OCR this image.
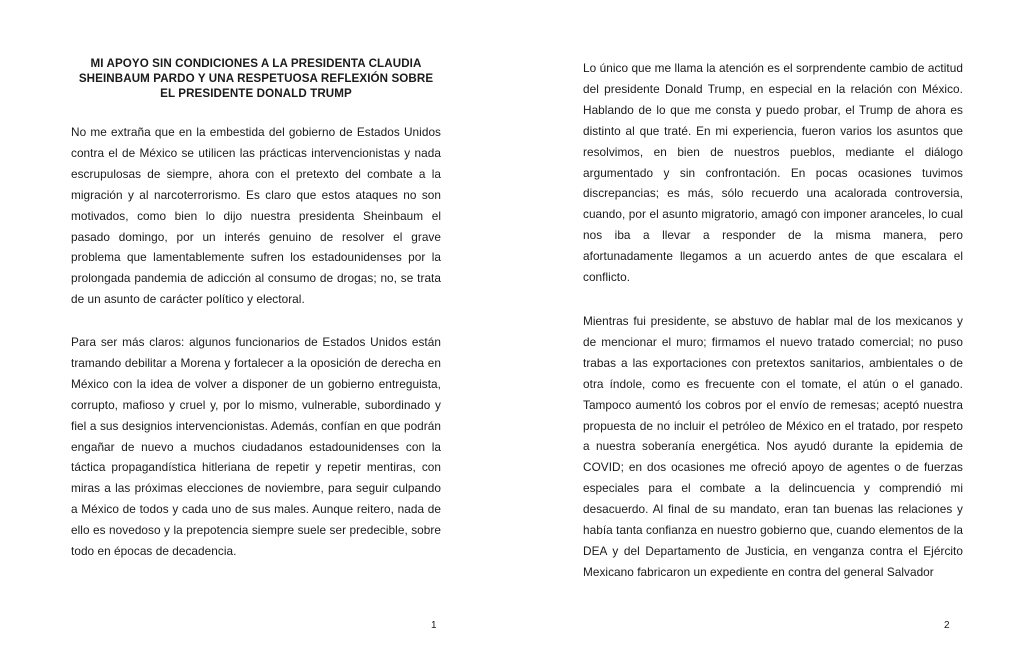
MI APOYO SIN CONDICIONES A LA PRESIDENTA CLAUDIA SHEINBAUM PARDO Y UNA RESPETUOSA REFLEXIÓN SOBRE EL PRESIDENTE DONALD TRUMP

No me extraña que en la embestida del gobierno de Estados Unidos contra el de México se utilicen las prácticas intervencionistas y nada escrupulosas de siempre, ahora con el pretexto del combate a la migración y al narcoterrorismo. Es claro que estos ataques no son motivados, como bien lo dijo nuestra presidenta Sheinbaum el pasado domingo, por un interés genuino de resolver el grave problema que lamentablemente sufren los estadounidenses por la prolongada pandemia de adicción al consumo de drogas; no, se trata de un asunto de carácter político y electoral.

Para ser más claros: algunos funcionarios de Estados Unidos están tramando debilitar a Morena y fortalecer a la oposición de derecha en México con la idea de volver a disponer de un gobierno entreguista, corrupto, mafioso y cruel y, por lo mismo, vulnerable, subordinado y fiel a sus designios intervencionistas. Además, confían en que podrán engañar de nuevo a muchos ciudadanos estadounidenses con la táctica propagandística hitleriana de repetir y repetir mentiras, con miras a las próximas elecciones de noviembre, para seguir culpando a México de todos y cada uno de sus males. Aunque reitero, nada de ello es novedoso y la prepotencia siempre suele ser predecible, sobre todo en épocas de decadencia.

1

Lo único que me llama la atención es el sorprendente cambio de actitud del presidente Donald Trump, en especial en la relación con México. Hablando de lo que me consta y puedo probar, el Trump de ahora es distinto al que traté. En mi experiencia, fueron varios los asuntos que resolvimos, en bien de nuestros pueblos, mediante el diálogo argumentado y sin confrontación. En pocas ocasiones tuvimos discrepancias; es más, sólo recuerdo una acalorada controversia, cuando, por el asunto migratorio, amagó con imponer aranceles, lo cual nos iba a llevar a responder de la misma manera, pero afortunadamente llegamos a un acuerdo antes de que escalara el conflicto.

Mientras fui presidente, se abstuvo de hablar mal de los mexicanos y de mencionar el muro; firmamos el nuevo tratado comercial; no puso trabas a las exportaciones con pretextos sanitarios, ambientales o de otra índole, como es frecuente con el tomate, el atún o el ganado. Tampoco aumentó los cobros por el envío de remesas; aceptó nuestra propuesta de no incluir el petróleo de México en el tratado, por respeto a nuestra soberanía energética. Nos ayudó durante la epidemia de COVID; en dos ocasiones me ofreció apoyo de agentes o de fuerzas especiales para el combate a la delincuencia y comprendió mi desacuerdo. Al final de su mandato, eran tan buenas las relaciones y había tanta confianza en nuestro gobierno que, cuando elementos de la DEA y del Departamento de Justicia, en venganza contra el Ejército Mexicano fabricaron un expediente en contra del general Salvador

2
